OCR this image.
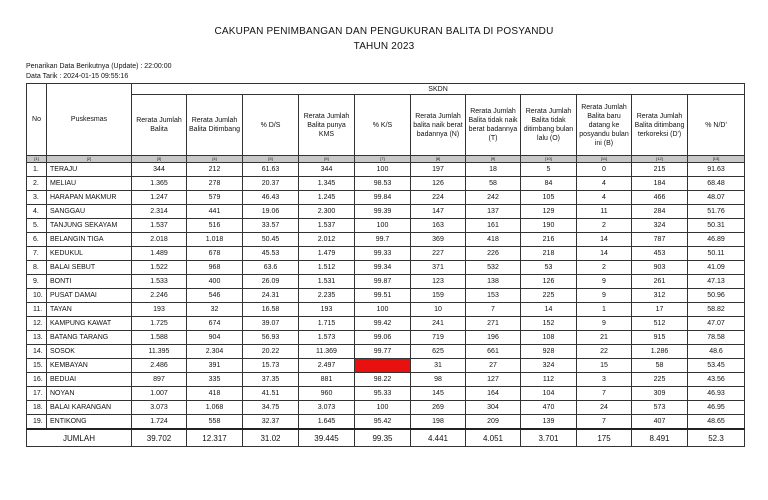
CAKUPAN PENIMBANGAN DAN PENGUKURAN BALITA DI POSYANDU
TAHUN 2023
Penarikan Data Berikutnya (Update) : 22:00:00
Data Tarik : 2024-01-15 09:55:16
No	Puskesmas	SKDN										
		Rerata Jumlah Balita	Rerata Jumlah Balita Ditimbang	% D/S	Rerata Jumlah Balita punya KMS	% K/S	Rerata Jumlah balita naik berat badannya (N)	Rerata Jumlah Balita tidak naik berat badannya (T)	Rerata Jumlah Balita tidak ditimbang bulan lalu (O)	Rerata Jumlah Balita baru datang ke posyandu bulan ini (B)	Rerata Jumlah Balita ditimbang terkoreksi (D')	% N/D'
[1]	[2]	[3]	[4]	[5]	[6]	[7]	[8]	[9]	[10]	[11]	[12]	[13]
1.	TERAJU	344	212	61.63	344	100	197	18	5	0	215	91.63
2.	MELIAU	1.365	278	20.37	1.345	98.53	126	58	84	4	184	68.48
3.	HARAPAN MAKMUR	1.247	579	46.43	1.245	99.84	224	242	105	4	466	48.07
4.	SANGGAU	2.314	441	19.06	2.300	99.39	147	137	129	11	284	51.76
5.	TANJUNG SEKAYAM	1.537	516	33.57	1.537	100	163	161	190	2	324	50.31
6.	BELANGIN TIGA	2.018	1.018	50.45	2.012	99.7	369	418	216	14	787	46.89
7.	KEDUKUL	1.489	678	45.53	1.479	99.33	227	226	218	14	453	50.11
8.	BALAI SEBUT	1.522	968	63.6	1.512	99.34	371	532	53	2	903	41.09
9.	BONTI	1.533	400	26.09	1.531	99.87	123	138	126	9	261	47.13
10.	PUSAT DAMAI	2.246	546	24.31	2.235	99.51	159	153	225	9	312	50.96
11.	TAYAN	193	32	16.58	193	100	10	7	14	1	17	58.82
12.	KAMPUNG KAWAT	1.725	674	39.07	1.715	99.42	241	271	152	9	512	47.07
13.	BATANG TARANG	1.588	904	56.93	1.573	99.06	719	196	108	21	915	78.58
14.	SOSOK	11.395	2.304	20.22	11.369	99.77	625	661	928	22	1.286	48.6
15.	KEMBAYAN	2.486	391	15.73	2.497	100.44	31	27	324	15	58	53.45
16.	BEDUAI	897	335	37.35	881	98.22	98	127	112	3	225	43.56
17.	NOYAN	1.007	418	41.51	960	95.33	145	164	104	7	309	46.93
18.	BALAI KARANGAN	3.073	1.068	34.75	3.073	100	269	304	470	24	573	46.95
19.	ENTIKONG	1.724	558	32.37	1.645	95.42	198	209	139	7	407	48.65
JUMLAH		39.702	12.317	31.02	39.445	99.35	4.441	4.051	3.701	175	8.491	52.3
